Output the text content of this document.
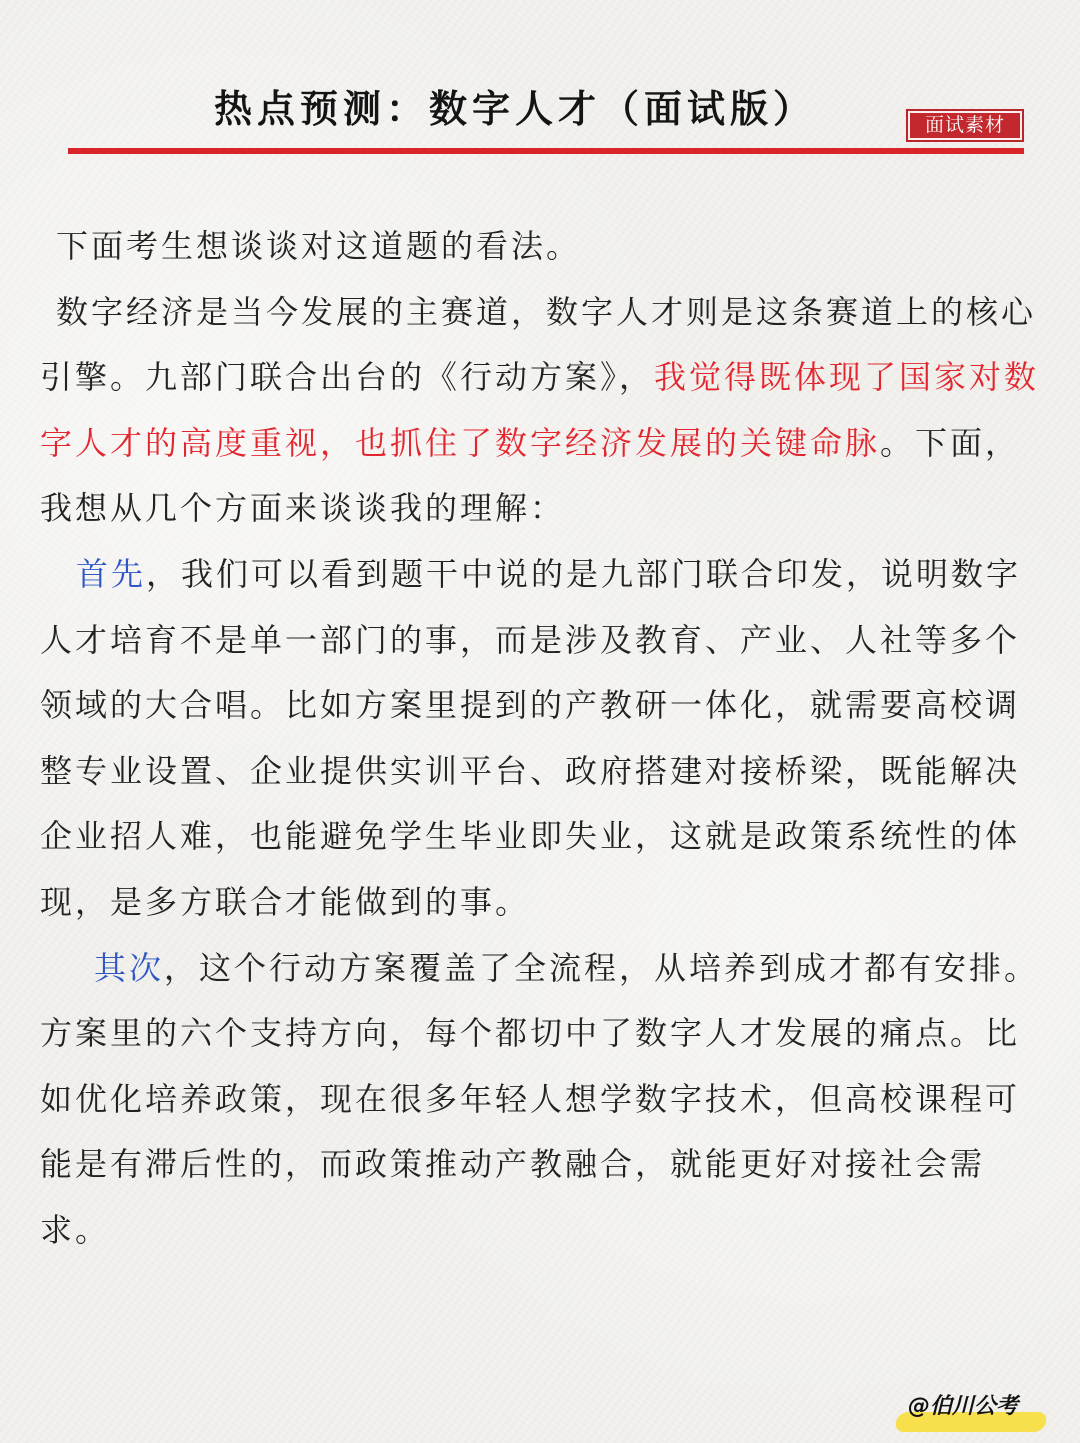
热点预测：数字人才（面试版）	面试素材

下面考生想谈谈对这道题的看法。

数字经济是当今发展的主赛道，数字人才则是这条赛道上的核心引擎。九部门联合出台的《行动方案》，我觉得既体现了国家对数字人才的高度重视，也抓住了数字经济发展的关键命脉。下面，我想从几个方面来谈谈我的理解：

首先，我们可以看到题干中说的是九部门联合印发，说明数字人才培育不是单一部门的事，而是涉及教育、产业、人社等多个领域的大合唱。比如方案里提到的产教研一体化，就需要高校调整专业设置、企业提供实训平台、政府搭建对接桥梁，既能解决企业招人难，也能避免学生毕业即失业，这就是政策系统性的体现，是多方联合才能做到的事。

其次，这个行动方案覆盖了全流程，从培养到成才都有安排。方案里的六个支持方向，每个都切中了数字人才发展的痛点。比如优化培养政策，现在很多年轻人想学数字技术，但高校课程可能是有滞后性的，而政策推动产教融合，就能更好对接社会需求。

@伯川公考
